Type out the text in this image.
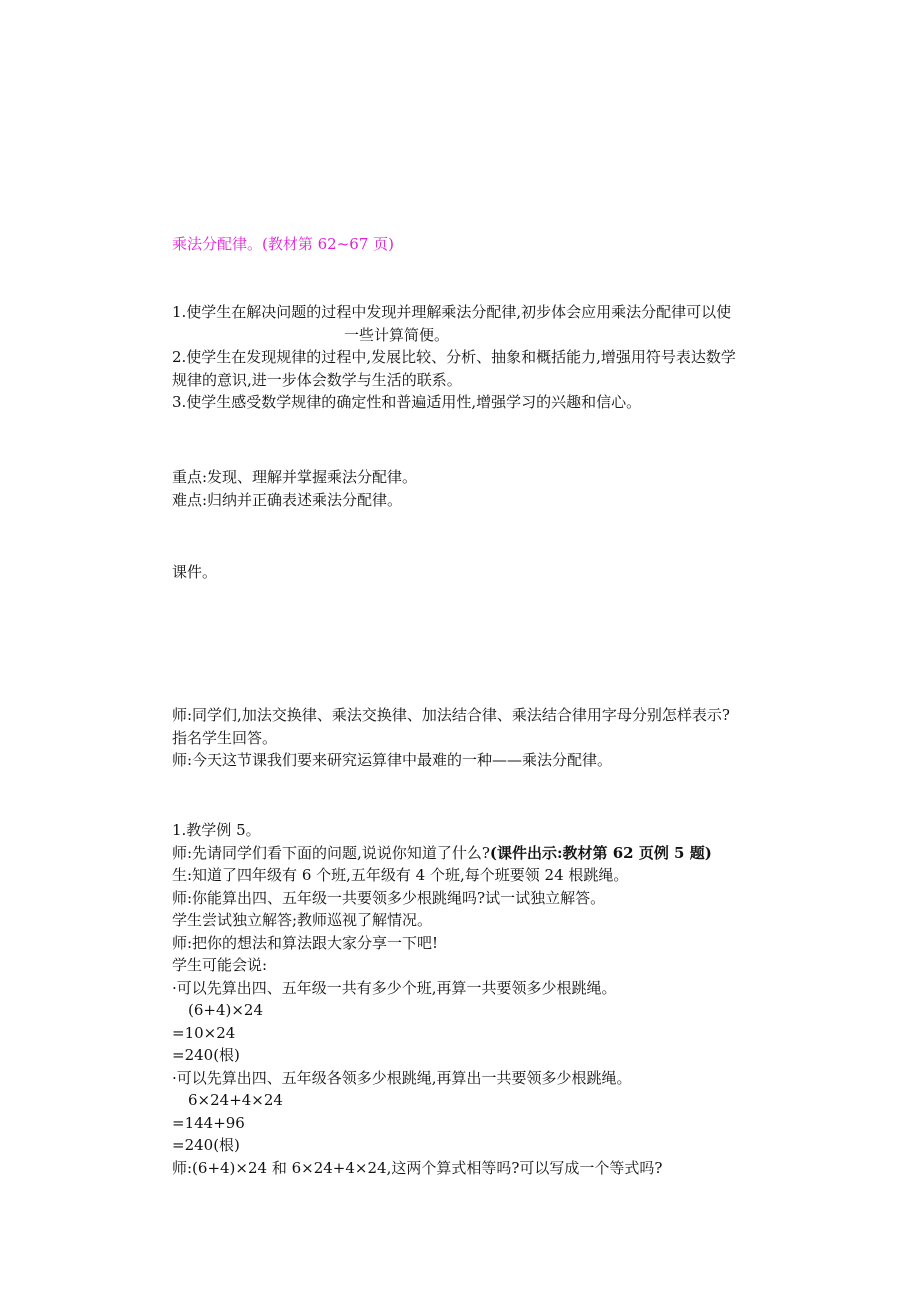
乘法分配律。(教材第 62~67 页)
1.使学生在解决问题的过程中发现并理解乘法分配律,初步体会应用乘法分配律可以使
一些计算简便。
2.使学生在发现规律的过程中,发展比较、分析、抽象和概括能力,增强用符号表达数学
规律的意识,进一步体会数学与生活的联系。
3.使学生感受数学规律的确定性和普遍适用性,增强学习的兴趣和信心。
重点:发现、理解并掌握乘法分配律。
难点:归纳并正确表述乘法分配律。
课件。
师:同学们,加法交换律、乘法交换律、加法结合律、乘法结合律用字母分别怎样表示?
指名学生回答。
师:今天这节课我们要来研究运算律中最难的一种——乘法分配律。
1.教学例 5。
师:先请同学们看下面的问题,说说你知道了什么?(课件出示:教材第 62 页例 5 题)
生:知道了四年级有 6 个班,五年级有 4 个班,每个班要领 24 根跳绳。
师:你能算出四、五年级一共要领多少根跳绳吗?试一试独立解答。
学生尝试独立解答;教师巡视了解情况。
师:把你的想法和算法跟大家分享一下吧!
学生可能会说:
·可以先算出四、五年级一共有多少个班,再算一共要领多少根跳绳。
(6+4)×24
=10×24
=240(根)
·可以先算出四、五年级各领多少根跳绳,再算出一共要领多少根跳绳。
6×24+4×24
=144+96
=240(根)
师:(6+4)×24 和 6×24+4×24,这两个算式相等吗?可以写成一个等式吗?
